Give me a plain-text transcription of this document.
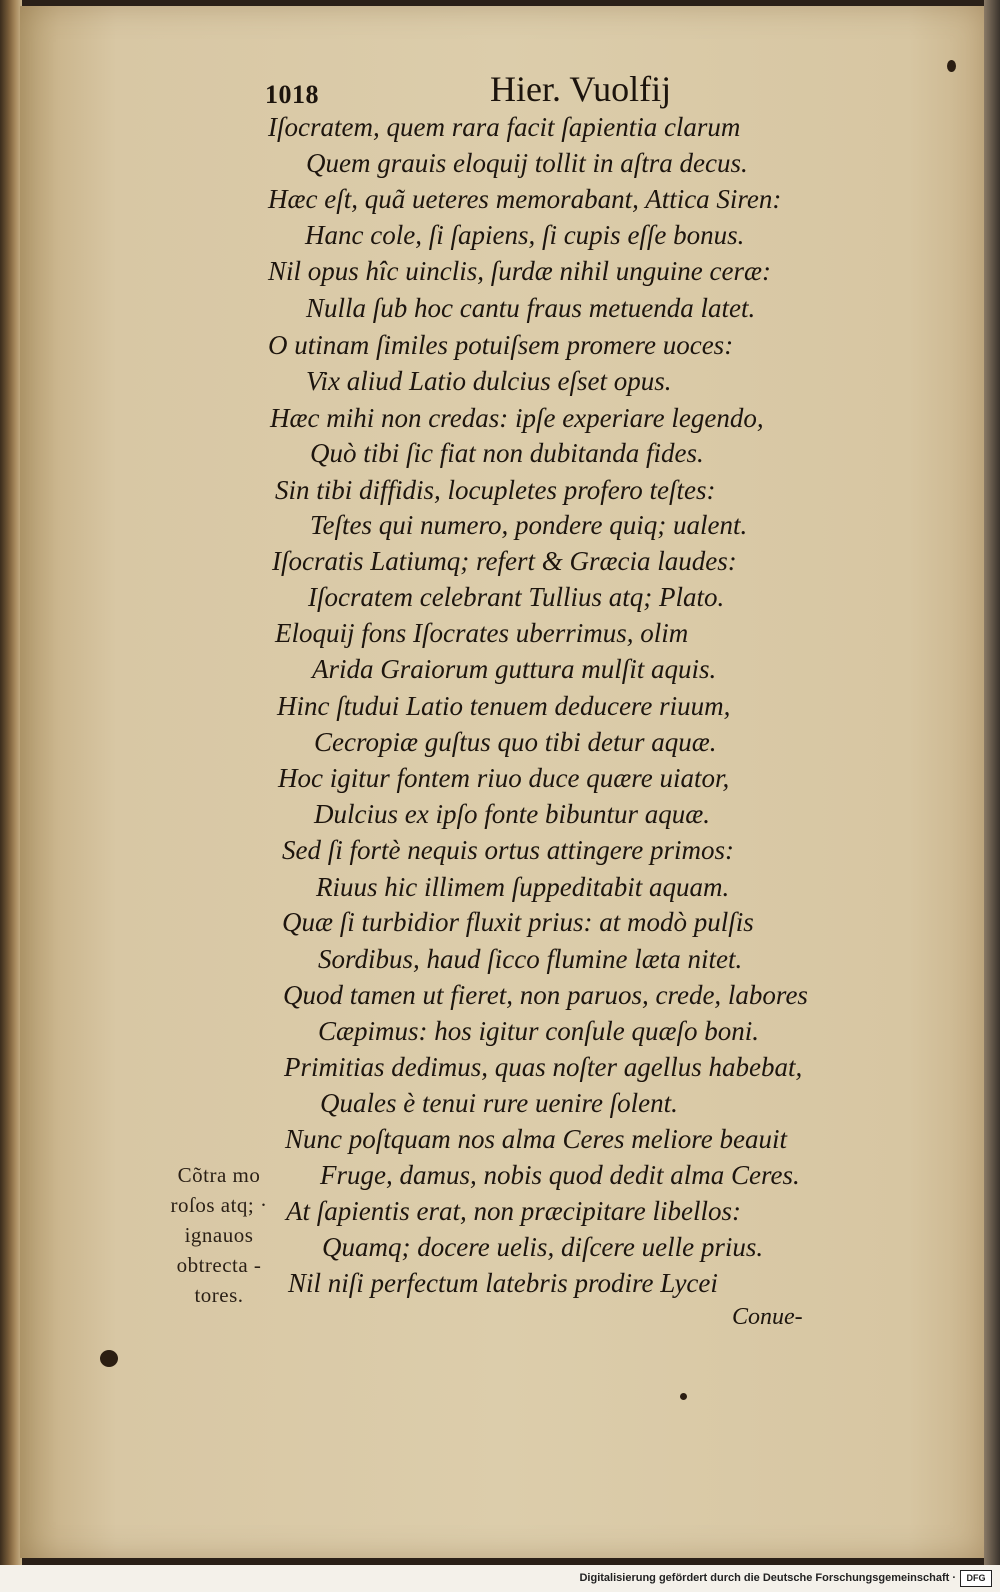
1018	Hier. Vuolfij
Iſocratem, quem rara facit ſapientia clarum
Quem grauis eloquij tollit in aſtra decus.
Hæc eſt, quã ueteres memorabant, Attica Siren:
Hanc cole, ſi ſapiens, ſi cupis eſſe bonus.
Nil opus hîc uinclis, ſurdæ nihil unguine ceræ:
Nulla ſub hoc cantu fraus metuenda latet.
O utinam ſimiles potuiſsem promere uoces:
Vix aliud Latio dulcius eſset opus.
Hæc mihi non credas: ipſe experiare legendo,
Quò tibi ſic fiat non dubitanda fides.
Sin tibi diffidis, locupletes profero teſtes:
Teſtes qui numero, pondere quiq; ualent.
Iſocratis Latiumq; refert & Græcia laudes:
Iſocratem celebrant Tullius atq; Plato.
Eloquij fons Iſocrates uberrimus, olim
Arida Graiorum guttura mulſit aquis.
Hinc ſtudui Latio tenuem deducere riuum,
Cecropiæ guſtus quo tibi detur aquæ.
Hoc igitur fontem riuo duce quære uiator,
Dulcius ex ipſo fonte bibuntur aquæ.
Sed ſi fortè nequis ortus attingere primos:
Riuus hic illimem ſuppeditabit aquam.
Quæ ſi turbidior fluxit prius: at modò pulſis
Sordibus, haud ſicco flumine læta nitet.
Quod tamen ut fieret, non paruos, crede, labores
Cæpimus: hos igitur conſule quæſo boni.
Primitias dedimus, quas noſter agellus habebat,
Quales è tenui rure uenire ſolent.
Nunc poſtquam nos alma Ceres meliore beauit
Fruge, damus, nobis quod dedit alma Ceres.
At ſapientis erat, non præcipitare libellos:
Quamq; docere uelis, diſcere uelle prius.
Nil niſi perfectum latebris prodire Lycei
Cõtra mo
roſos atq; ·
ignauos
obtrecta -
tores.
Conue-
Digitalisierung gefördert durch die Deutsche Forschungsgemeinschaft ·	DFG
